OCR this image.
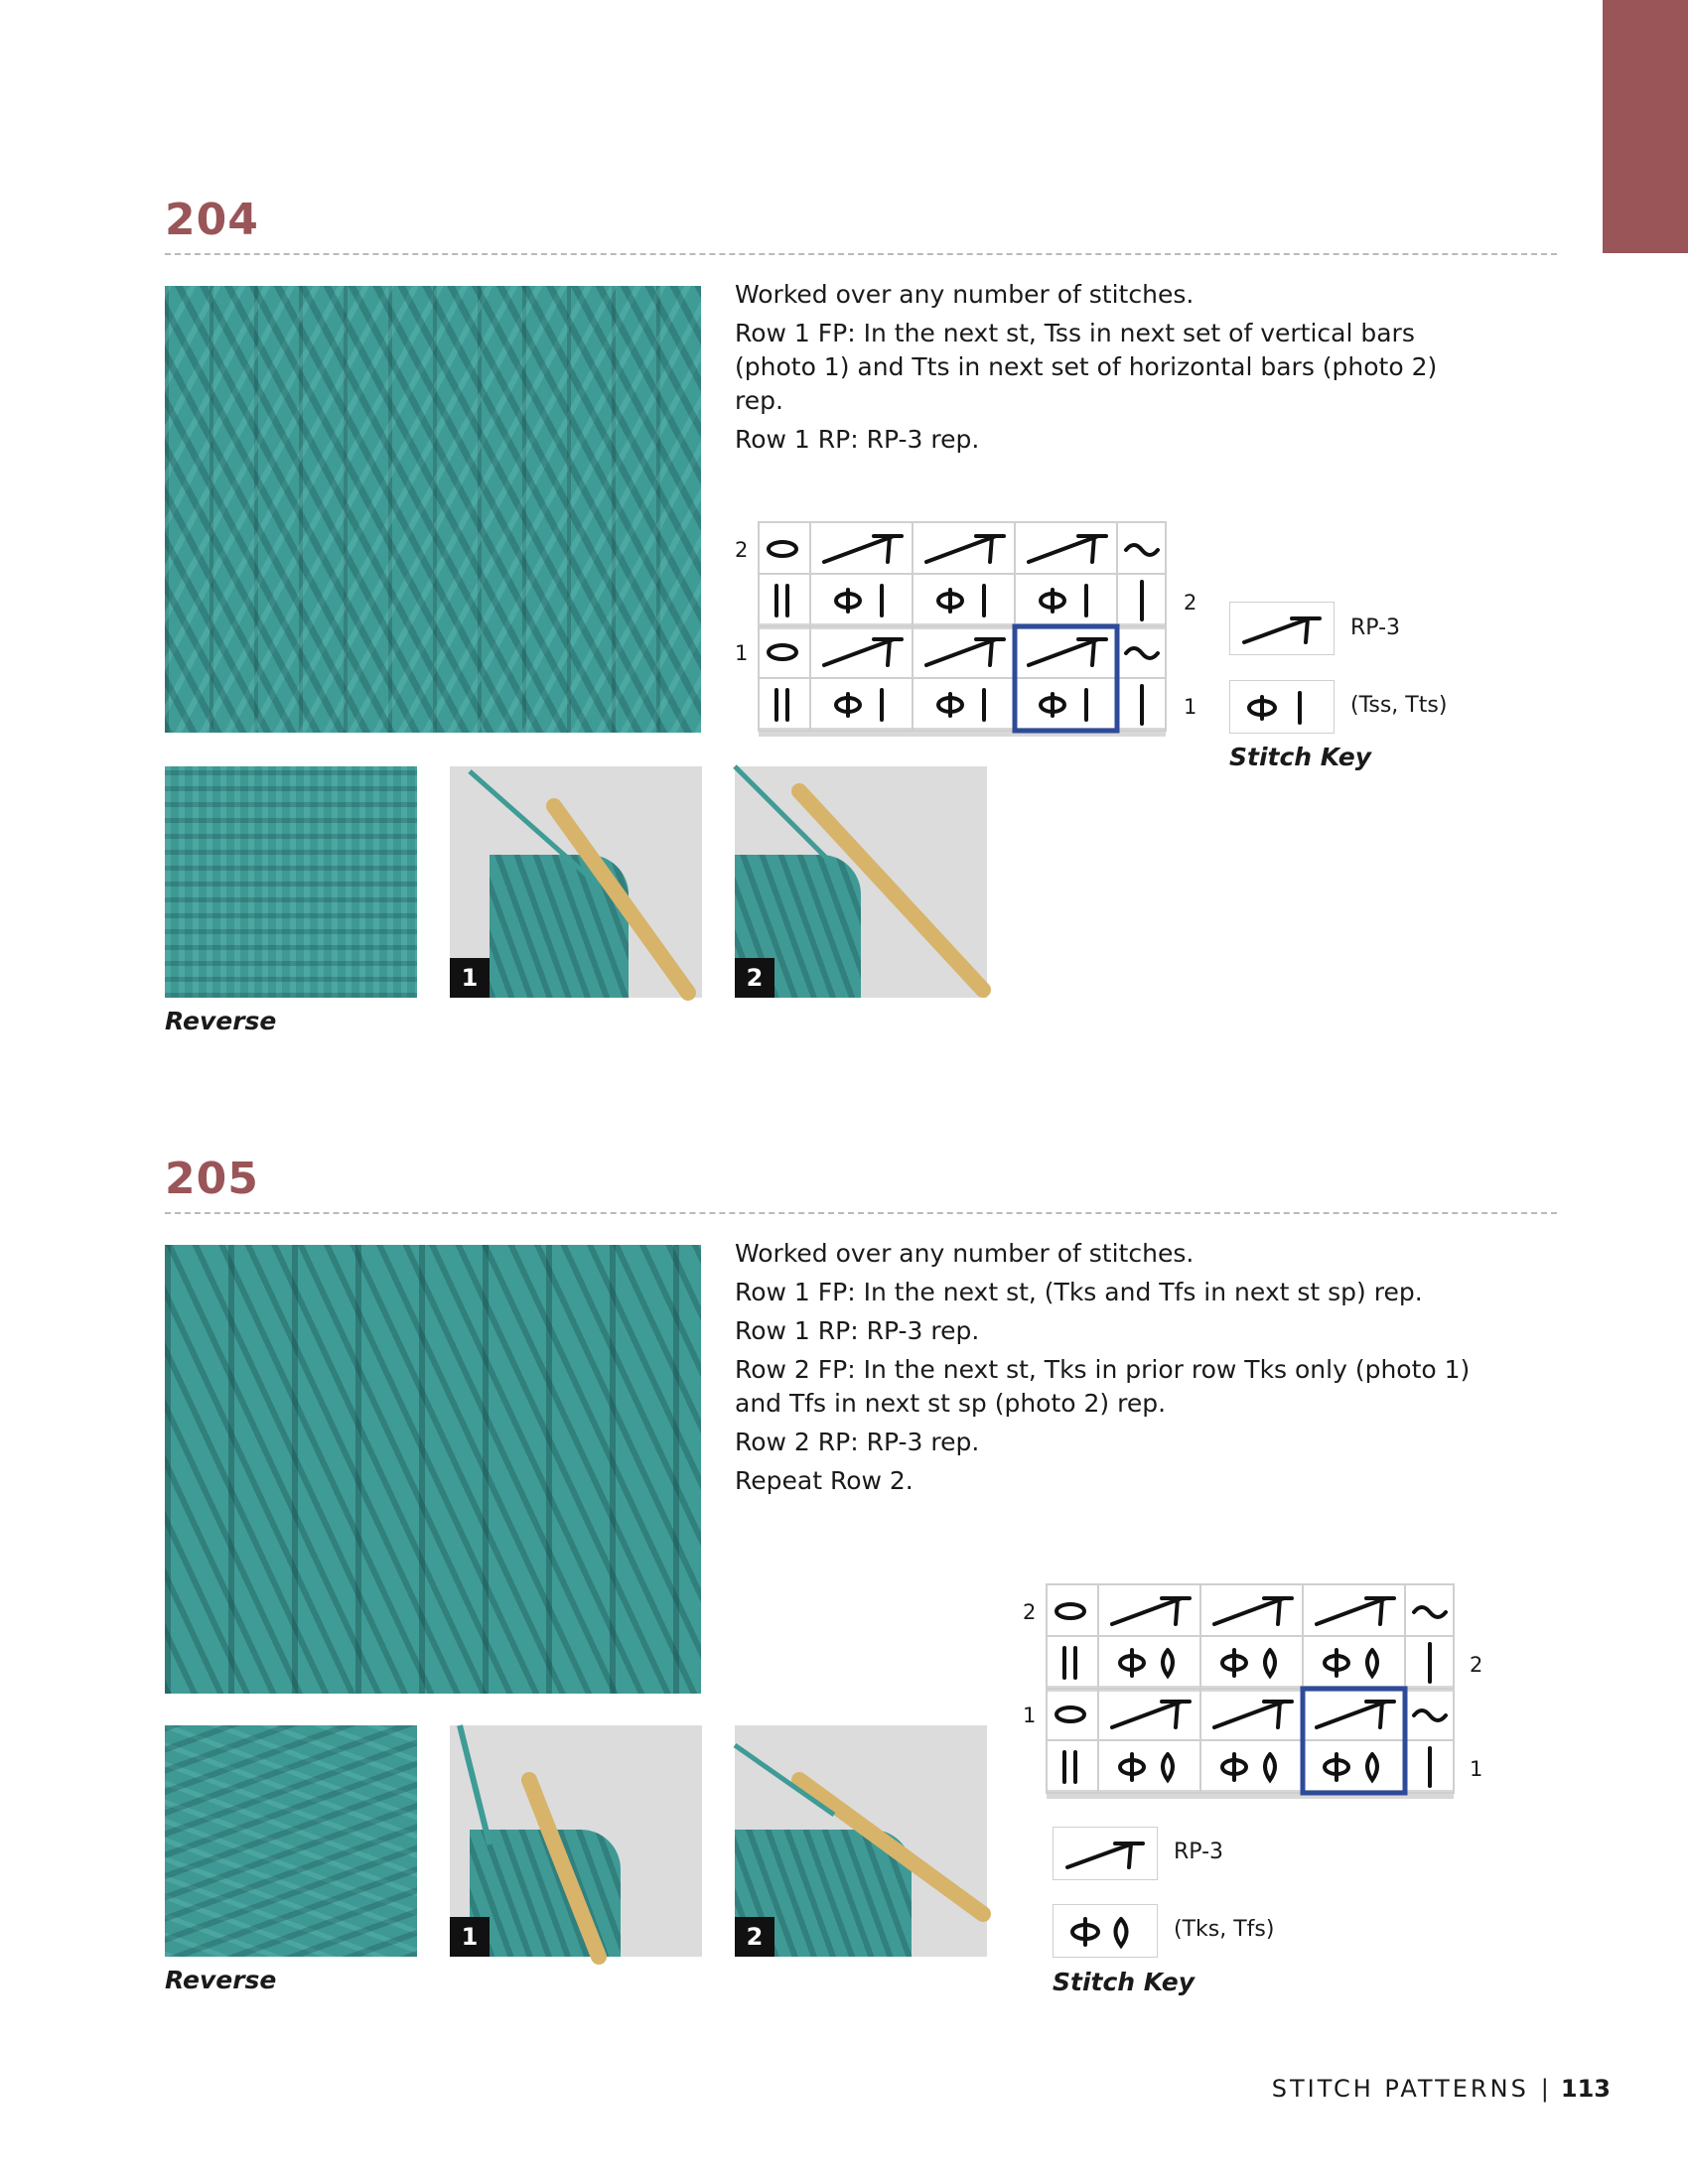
204

Worked over any number of stitches.

Row 1 FP: In the next st, Tss in next set of vertical bars (photo 1) and Tts in next set of horizontal bars (photo 2) rep.

Row 1 RP: RP-3 rep.

2
1
2
1
RP-3
(Tss, Tts)
Stitch Key
Reverse
1	2
205

Worked over any number of stitches.

Row 1 FP: In the next st, (Tks and Tfs in next st sp) rep.

Row 1 RP: RP-3 rep.

Row 2 FP: In the next st, Tks in prior row Tks only (photo 1) and Tfs in next st sp (photo 2) rep.

Row 2 RP: RP-3 rep.

Repeat Row 2.

2
1
2
1
RP-3
(Tks, Tfs)
Stitch Key
Reverse
1	2
STITCH PATTERNS | 113
